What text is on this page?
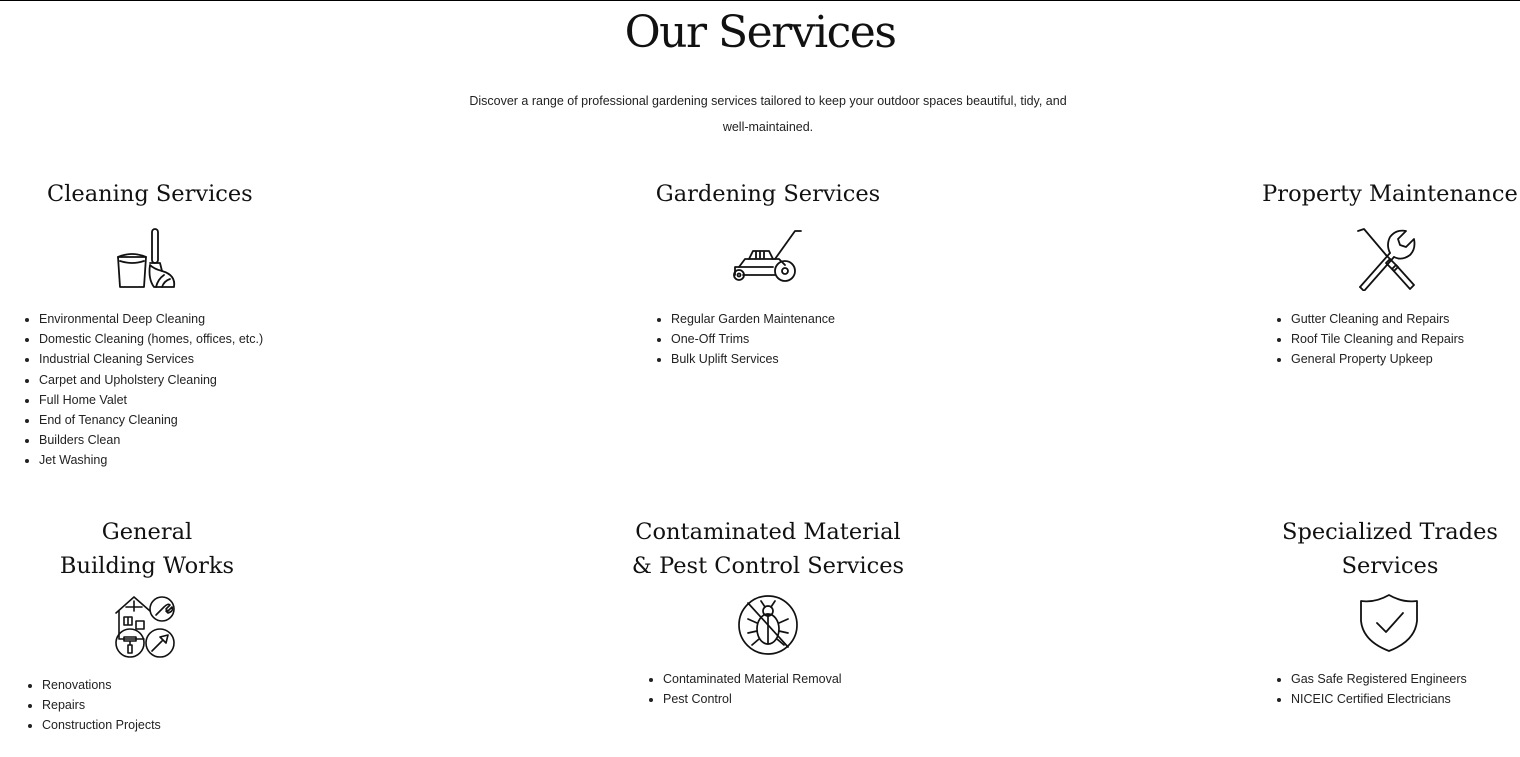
Our Services

Discover a range of professional gardening services tailored to keep your outdoor spaces beautiful, tidy, and
well-maintained.

Cleaning Services
• Environmental Deep Cleaning
• Domestic Cleaning (homes, offices, etc.)
• Industrial Cleaning Services
• Carpet and Upholstery Cleaning
• Full Home Valet
• End of Tenancy Cleaning
• Builders Clean
• Jet Washing
Gardening Services
• Regular Garden Maintenance
• One-Off Trims
• Bulk Uplift Services
Property Maintenance
• Gutter Cleaning and Repairs
• Roof Tile Cleaning and Repairs
• General Property Upkeep
General
Building Works
• Renovations
• Repairs
• Construction Projects
Contaminated Material
& Pest Control Services
• Contaminated Material Removal
• Pest Control
Specialized Trades
Services
• Gas Safe Registered Engineers
• NICEIC Certified Electricians
